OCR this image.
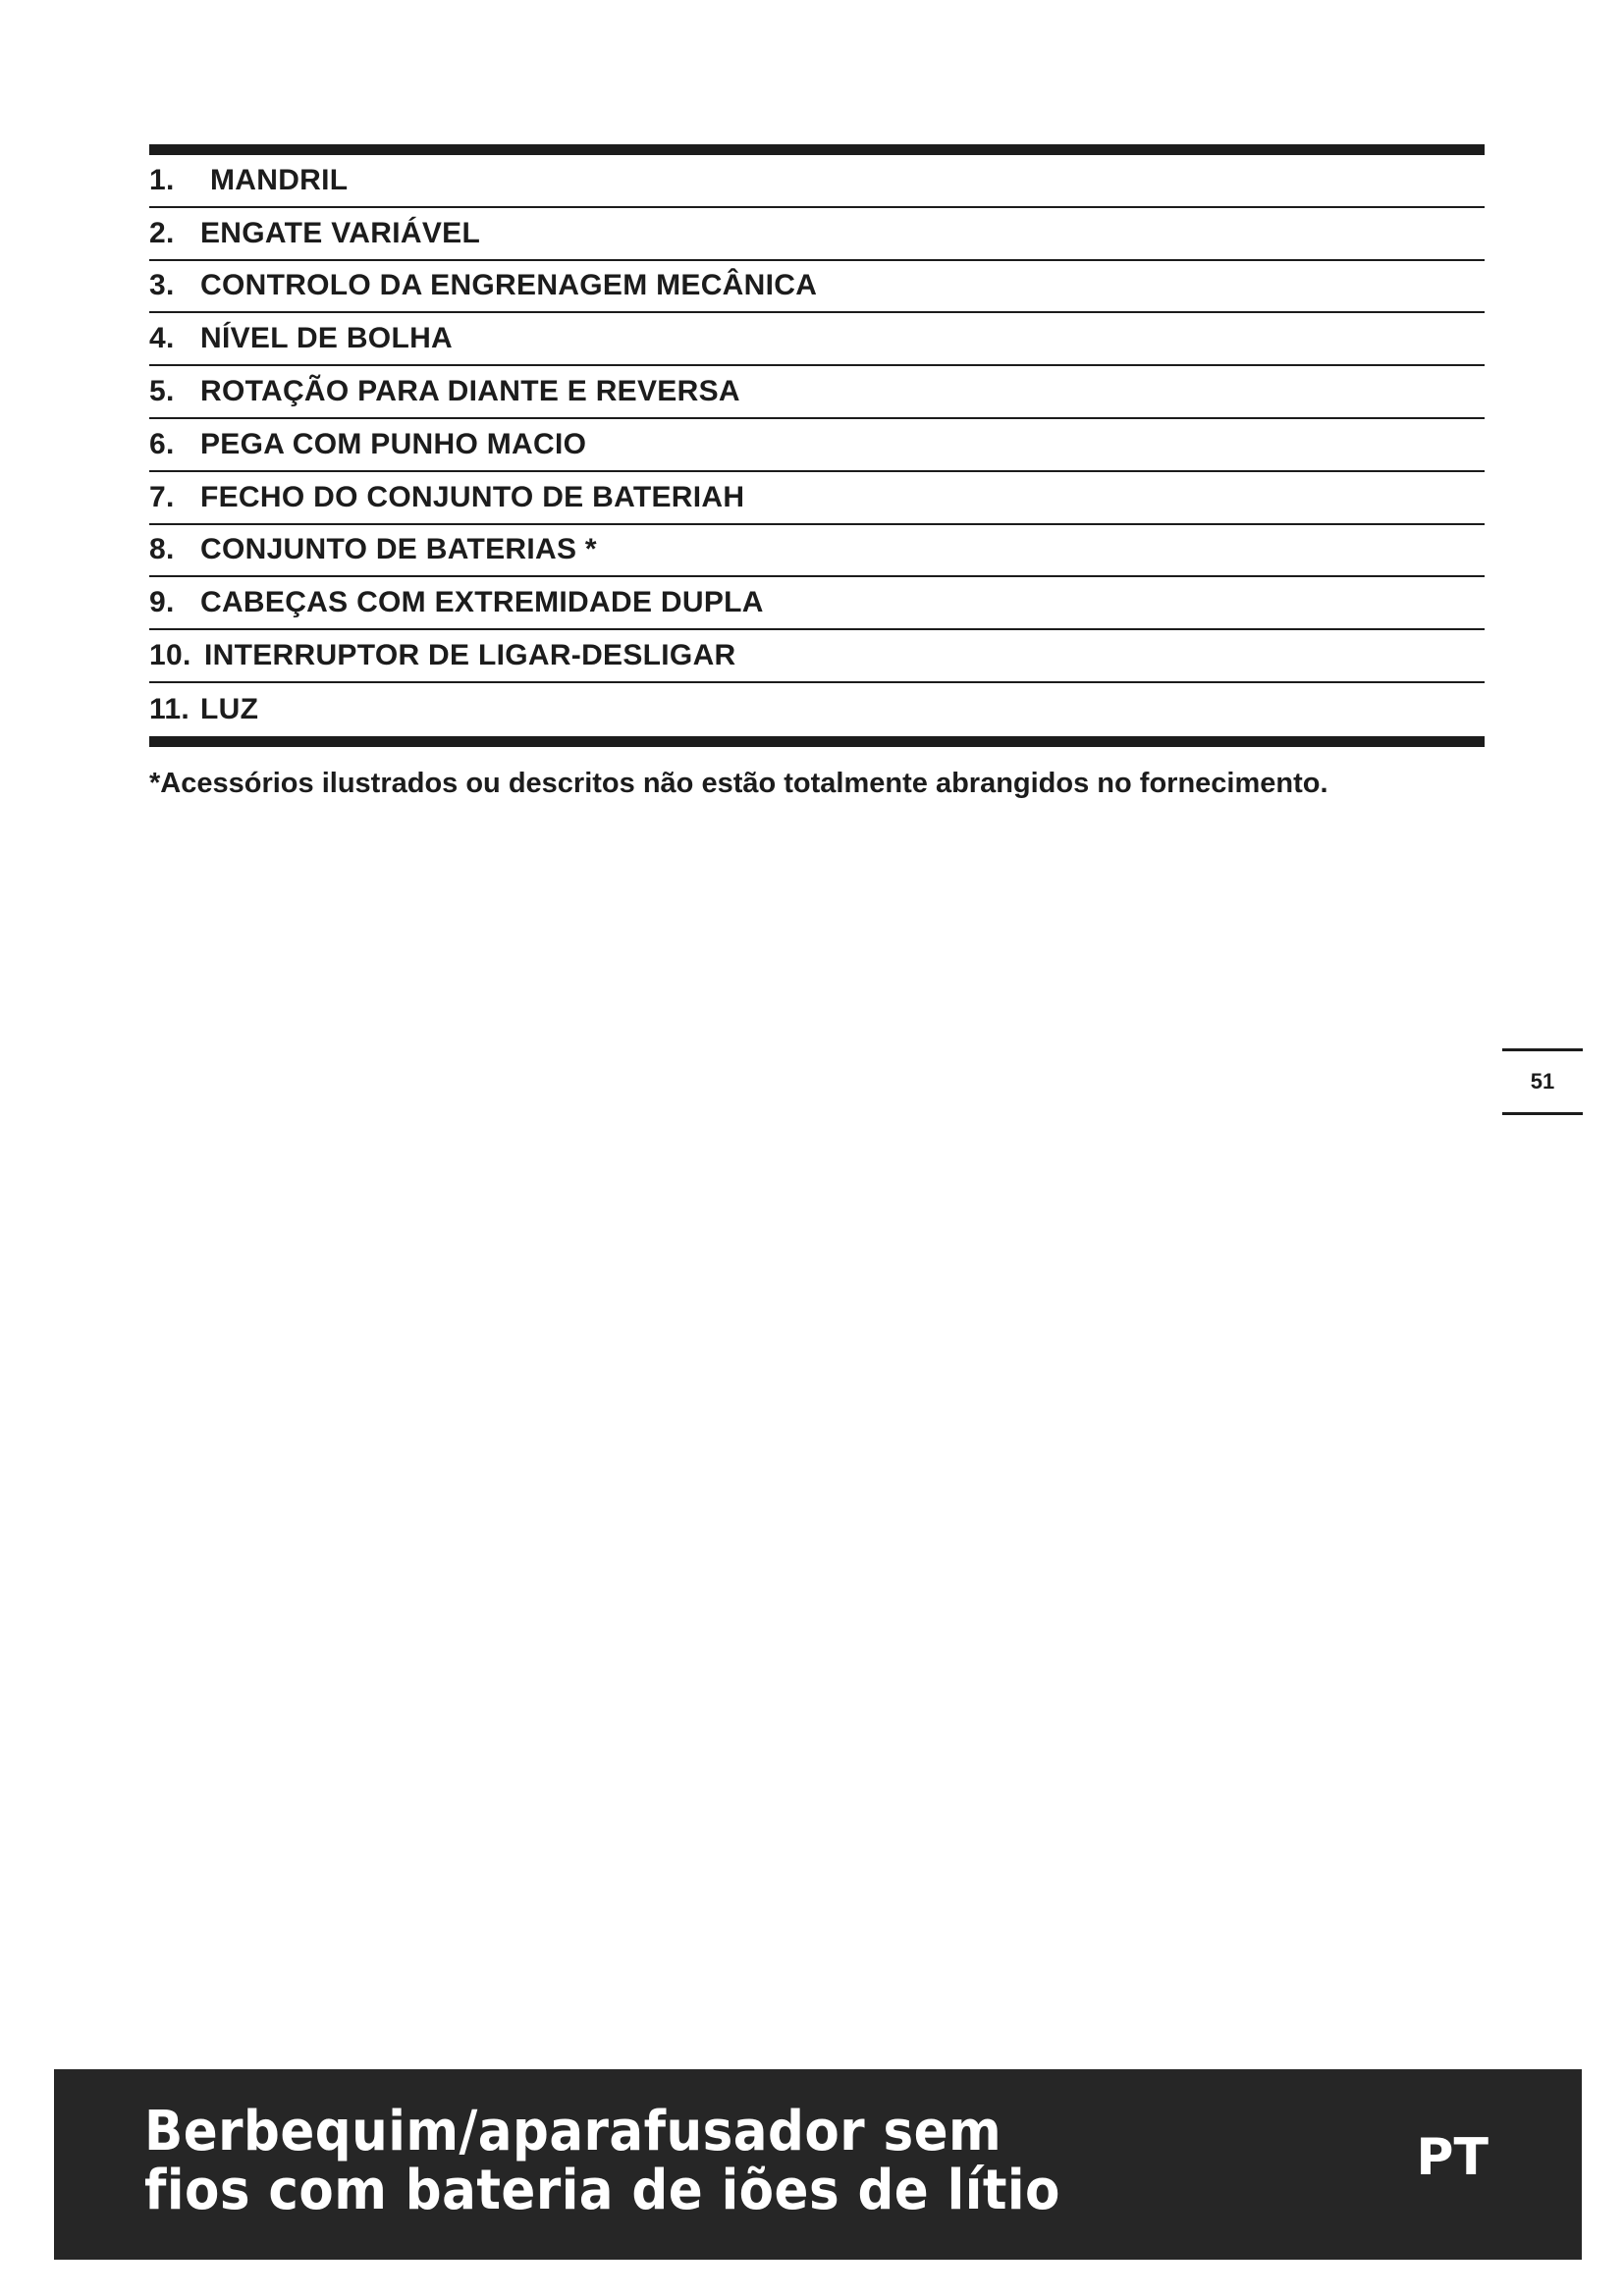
1.	MANDRIL
2. ENGATE VARIÁVEL
3. CONTROLO DA ENGRENAGEM MECÂNICA
4. NÍVEL DE BOLHA
5. ROTAÇÃO PARA DIANTE E REVERSA
6. PEGA COM PUNHO MACIO
7. FECHO DO CONJUNTO DE BATERIAH
8. CONJUNTO DE BATERIAS *
9. CABEÇAS COM EXTREMIDADE DUPLA
10. INTERRUPTOR DE LIGAR-DESLIGAR
11. LUZ

*Acessórios ilustrados ou descritos não estão totalmente abrangidos no fornecimento.

51
Berbequim/aparafusador sem
fios com bateria de iões de lítio
PT
